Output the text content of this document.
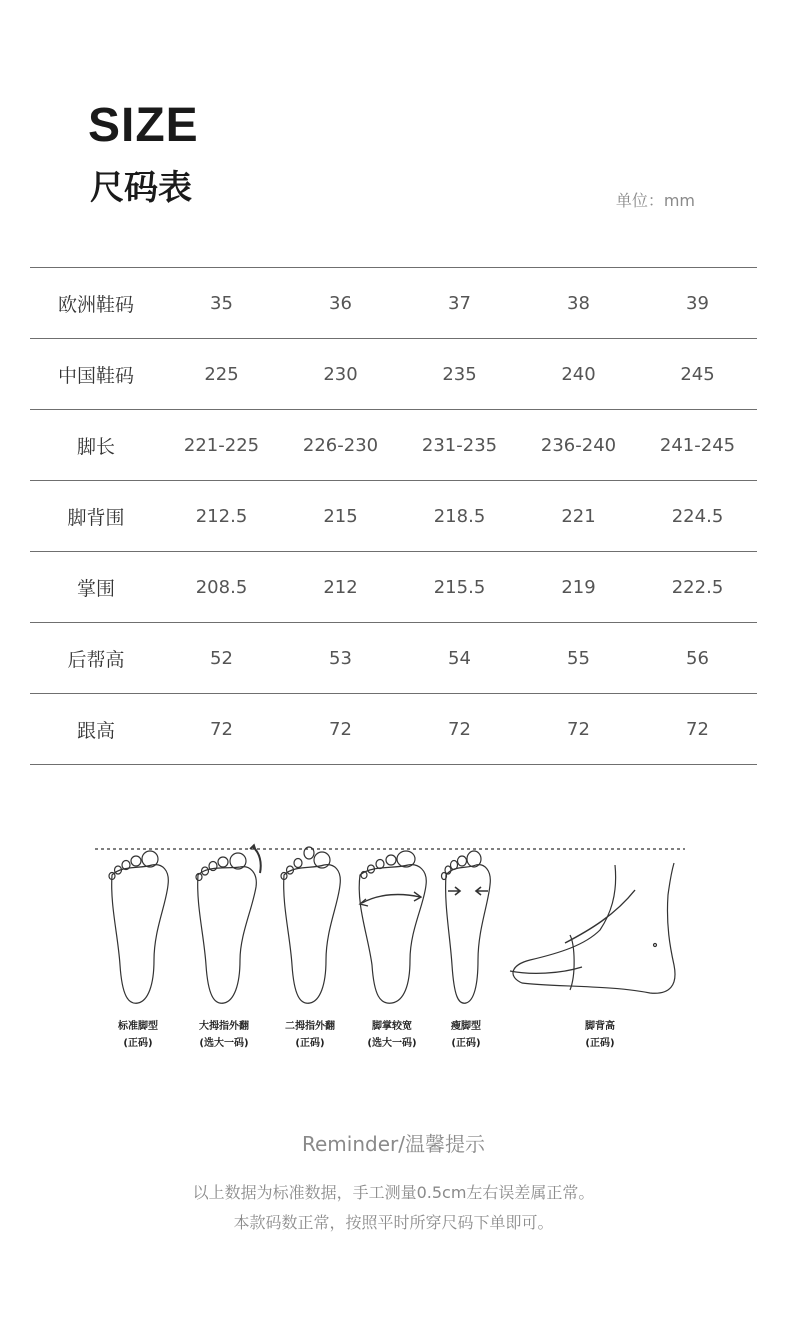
SIZE
尺码表	单位：mm
欧洲鞋码	35	36	37	38	39
中国鞋码	225	230	235	240	245
脚长	221-225	226-230	231-235	236-240	241-245
脚背围	212.5	215	218.5	221	224.5
掌围	208.5	212	215.5	219	222.5
后帮高	52	53	54	55	56
跟高	72	72	72	72	72
标准脚型
(正码)
大拇指外翻
(选大一码)
二拇指外翻
(正码)
脚掌较宽
(选大一码)
瘦脚型
(正码)
脚背高
(正码)
Reminder/温馨提示
以上数据为标准数据，手工测量0.5cm左右误差属正常。
本款码数正常，按照平时所穿尺码下单即可。
